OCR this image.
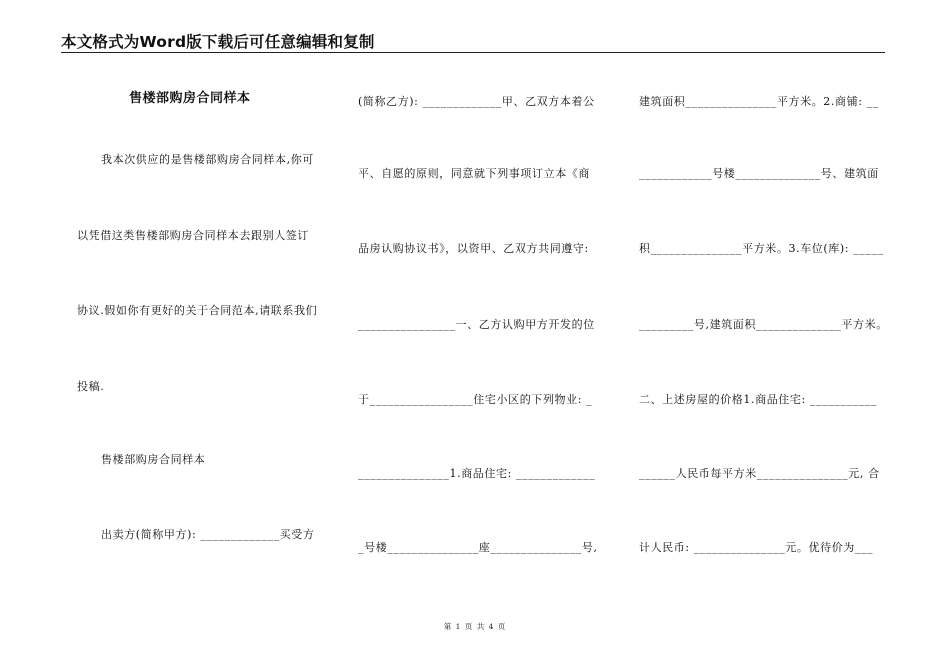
本文格式为Word版下载后可任意编辑和复制
售楼部购房合同样本
我本次供应的是售楼部购房合同样本,你可
以凭借这类售楼部购房合同样本去跟别人签订
协议.假如你有更好的关于合同范本,请联系我们
投稿.
售楼部购房合同样本
出卖方(简称甲方): _____________买受方
(简称乙方): _____________甲、乙双方本着公
平、自愿的原则，同意就下列事项订立本《商
品房认购协议书》，以资甲、乙双方共同遵守:
________________一、乙方认购甲方开发的位
于_________________住宅小区的下列物业: _
_______________1.商品住宅: _____________
_号楼_______________座_______________号,
建筑面积_______________平方米。2.商铺: __
____________号楼______________号、建筑面
积_______________平方米。3.车位(库): _____
_________号,建筑面积______________平方米。
二、上述房屋的价格1.商品住宅: ___________
______人民币每平方米_______________元, 合
计人民币: _______________元。优待价为___
第 1 页 共 4 页
